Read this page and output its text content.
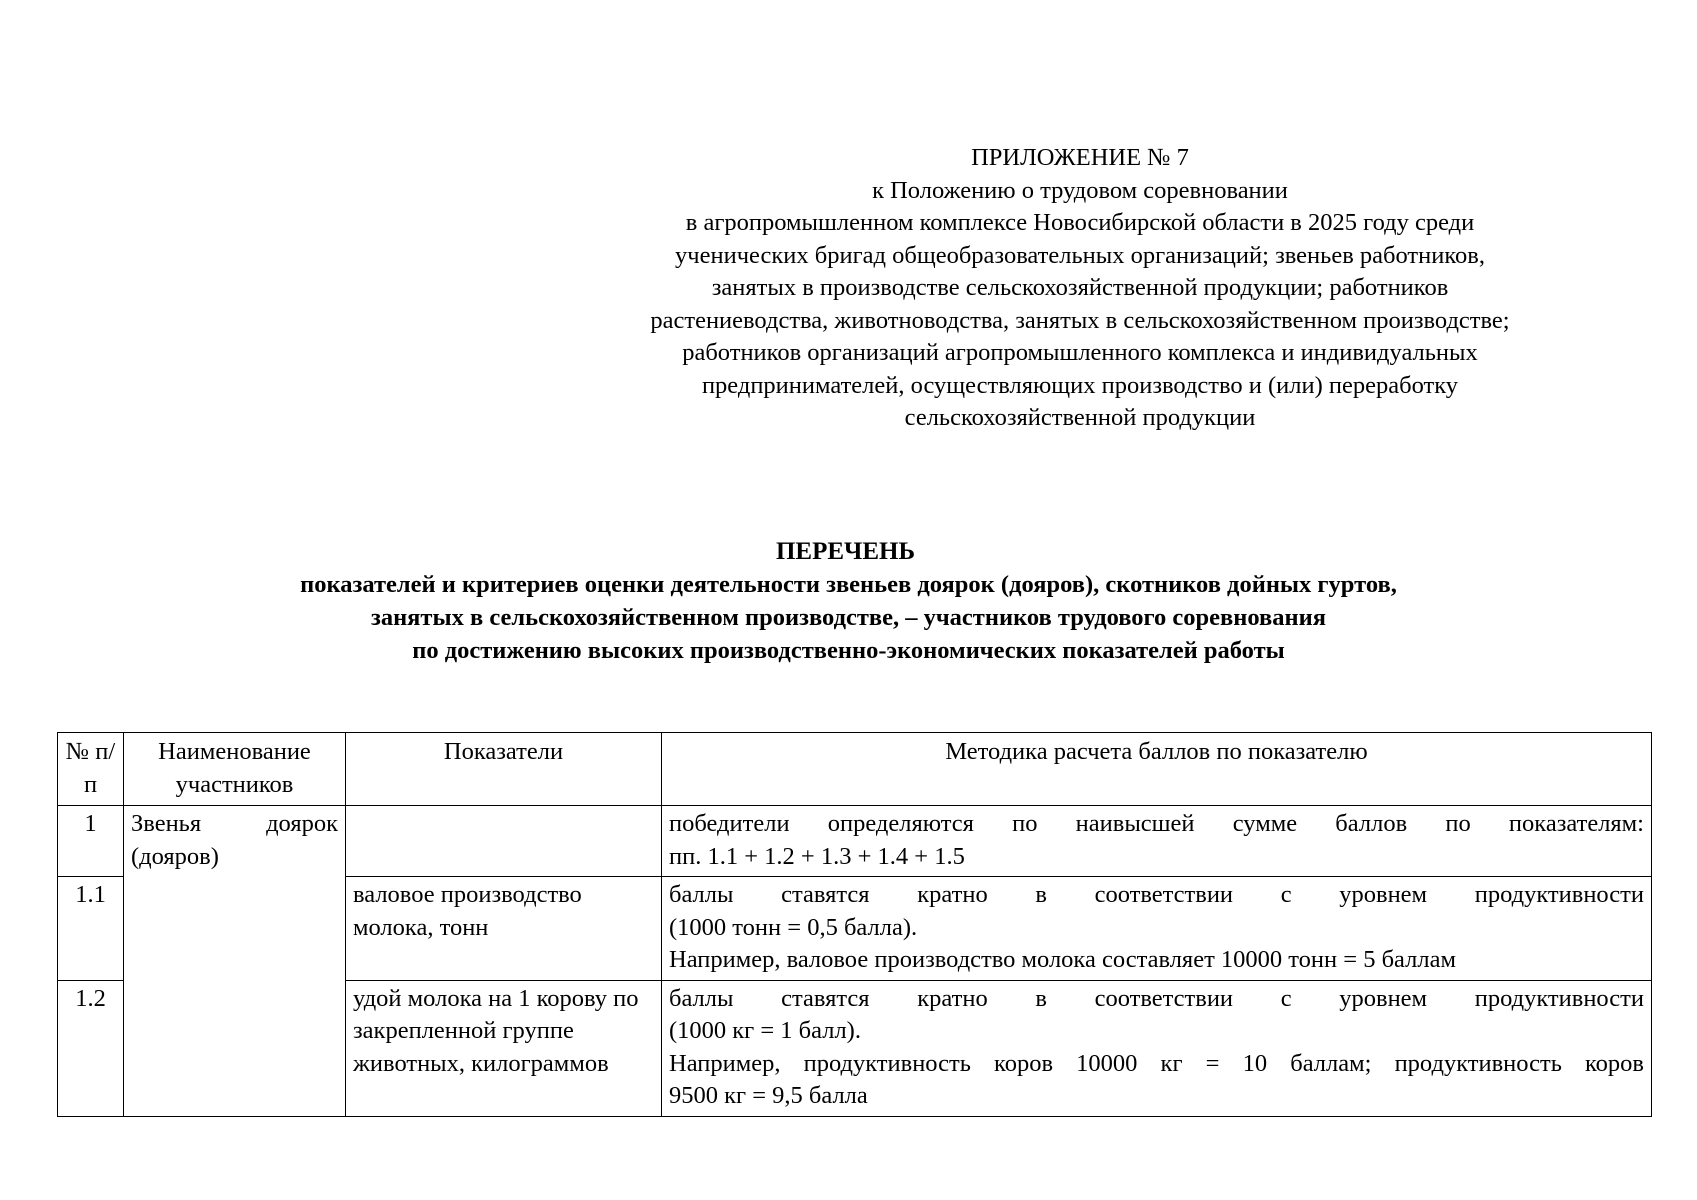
ПРИЛОЖЕНИЕ № 7
к Положению о трудовом соревновании
в агропромышленном комплексе Новосибирской области в 2025 году среди
ученических бригад общеобразовательных организаций; звеньев работников,
занятых в производстве сельскохозяйственной продукции; работников
растениеводства, животноводства, занятых в сельскохозяйственном производстве;
работников организаций агропромышленного комплекса и индивидуальных
предпринимателей, осуществляющих производство и (или) переработку
сельскохозяйственной продукции
ПЕРЕЧЕНЬ
показателей и критериев оценки деятельности звеньев доярок (дояров), скотников дойных гуртов,
занятых в сельскохозяйственном производстве, – участников трудового соревнования
по достижению высоких производственно-экономических показателей работы
№ п/п	Наименование участников	Показатели	Методика расчета баллов по показателю
1	Звенья доярок (дояров)		победители определяются по наивысшей сумме баллов по показателям:
пп. 1.1 + 1.2 + 1.3 + 1.4 + 1.5

1.1		валовое производство молока, тонн	баллы ставятся кратно в соответствии с уровнем продуктивности
(1000 тонн = 0,5 балла).
Например, валовое производство молока составляет 10000 тонн = 5 баллам

1.2		удой молока на 1 корову по закрепленной группе животных, килограммов	баллы ставятся кратно в соответствии с уровнем продуктивности
(1000 кг = 1 балл).
Например, продуктивность коров 10000 кг = 10 баллам; продуктивность коров
9500 кг = 9,5 балла
